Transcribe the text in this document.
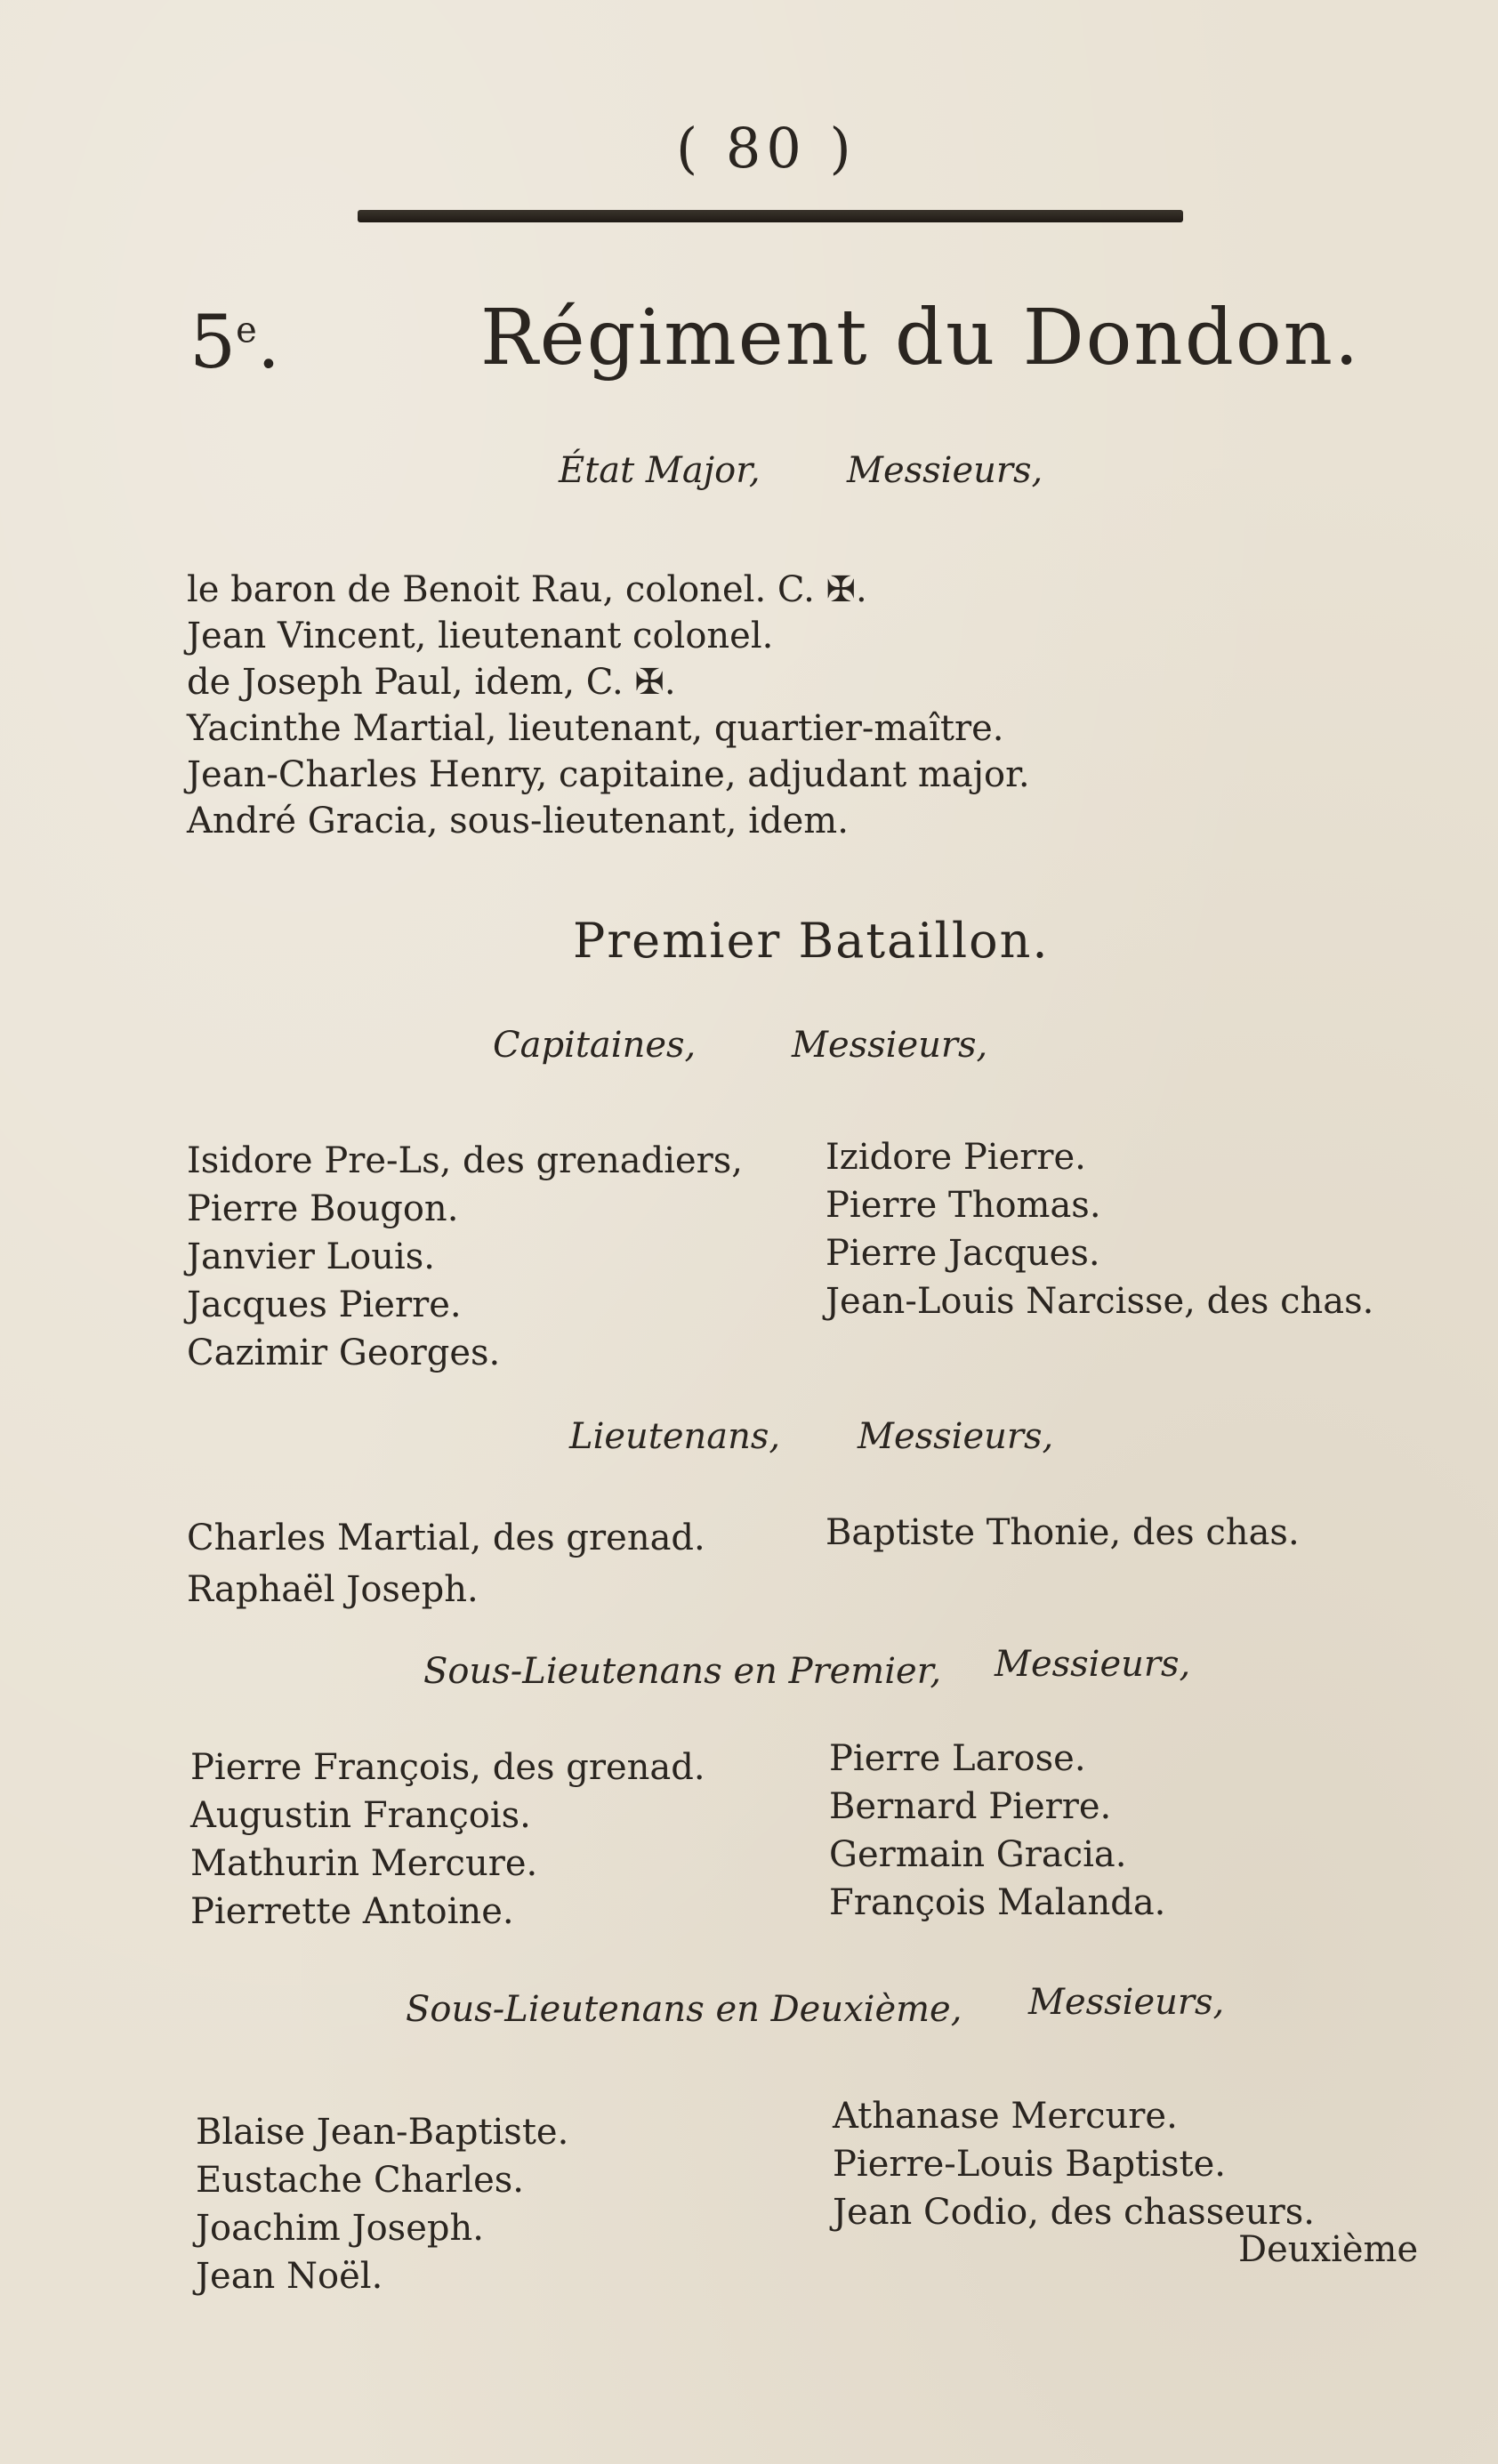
( 80 )
5e.	Régiment du Dondon.
État Major, Messieurs,
le baron de Benoit Rau, colonel. C. ✠.
Jean Vincent, lieutenant colonel.
de Joseph Paul, idem, C. ✠.
Yacinthe Martial, lieutenant, quartier-maître.
Jean-Charles Henry, capitaine, adjudant major.
André Gracia, sous-lieutenant, idem.
Premier Bataillon.
Capitaines,	Messieurs,
Isidore Pre-Ls, des grenadiers,
Pierre Bougon.
Janvier Louis.
Jacques Pierre.
Cazimir Georges.
Izidore Pierre.
Pierre Thomas.
Pierre Jacques.
Jean-Louis Narcisse, des chas.
Lieutenans, Messieurs,
Charles Martial, des grenad.
Raphaël Joseph.
Baptiste Thonie, des chas.
Sous-Lieutenans en Premier, Messieurs,
Pierre François, des grenad.
Augustin François.
Mathurin Mercure.
Pierrette Antoine.
Pierre Larose.
Bernard Pierre.
Germain Gracia.
François Malanda.
Sous-Lieutenans en Deuxième, Messieurs,
Blaise Jean-Baptiste.
Eustache Charles.
Joachim Joseph.
Jean Noël.
Athanase Mercure.
Pierre-Louis Baptiste.
Jean Codio, des chasseurs.
Deuxième
